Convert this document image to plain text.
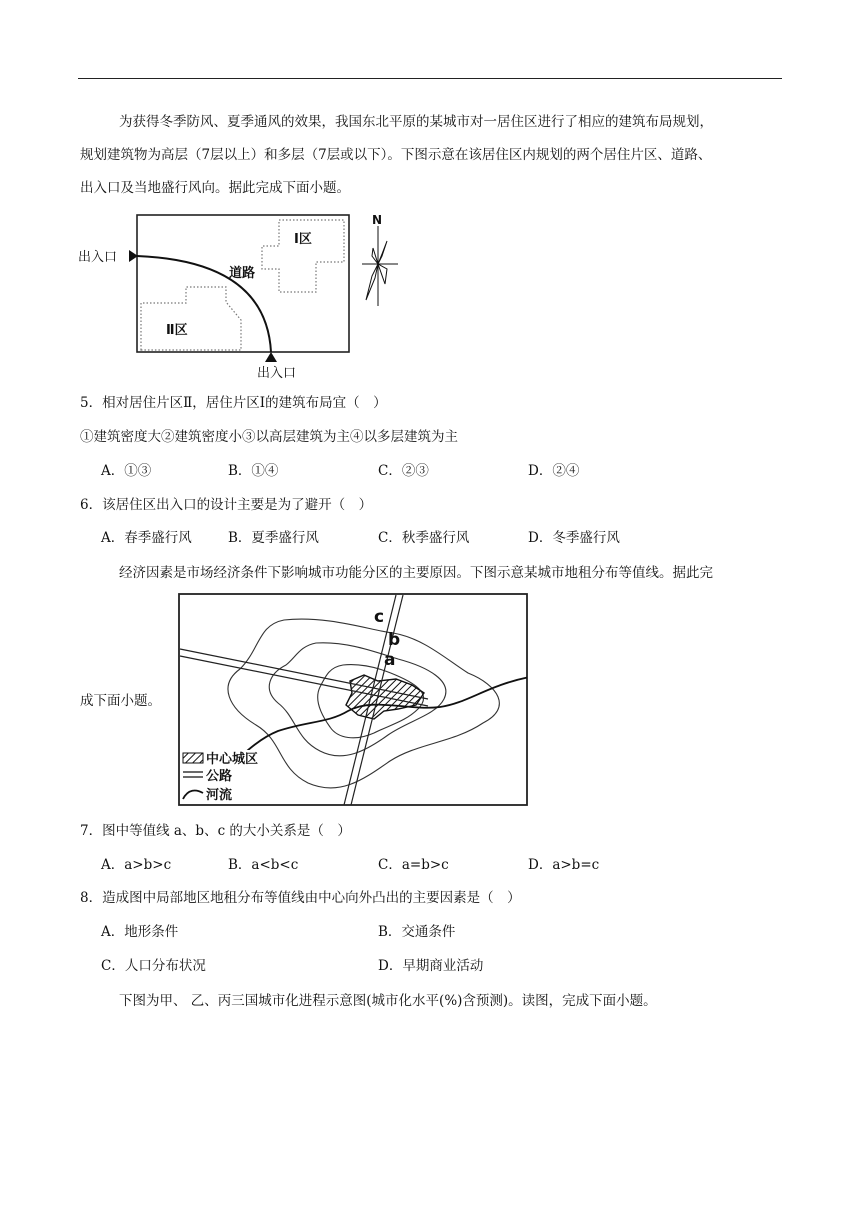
为获得冬季防风、夏季通风的效果，我国东北平原的某城市对一居住区进行了相应的建筑布局规划，
规划建筑物为高层（7层以上）和多层（7层或以下）。下图示意在该居住区内规划的两个居住片区、道路、
出入口及当地盛行风向。据此完成下面小题。
出入口
出入口
道路
Ⅰ区
Ⅱ区
N
5．相对居住片区Ⅱ，居住片区Ⅰ的建筑布局宜（　）
①建筑密度大②建筑密度小③以高层建筑为主④以多层建筑为主
A．①③	B．①④	C．②③	D．②④
6．该居住区出入口的设计主要是为了避开（　）
A．春季盛行风	B．夏季盛行风	C．秋季盛行风	D．冬季盛行风
经济因素是市场经济条件下影响城市功能分区的主要原因。下图示意某城市地租分布等值线。据此完
成下面小题。
c
b
a
中心城区
公路
河流
7．图中等值线 a、b、c 的大小关系是（　）
A．a>b>c	B．a<b<c	C．a=b>c	D．a>b=c
8．造成图中局部地区地租分布等值线由中心向外凸出的主要因素是（　）
A．地形条件	B．交通条件
C．人口分布状况	D．早期商业活动
下图为甲、 乙、丙三国城市化进程示意图(城市化水平(%)含预测)。读图，完成下面小题。
